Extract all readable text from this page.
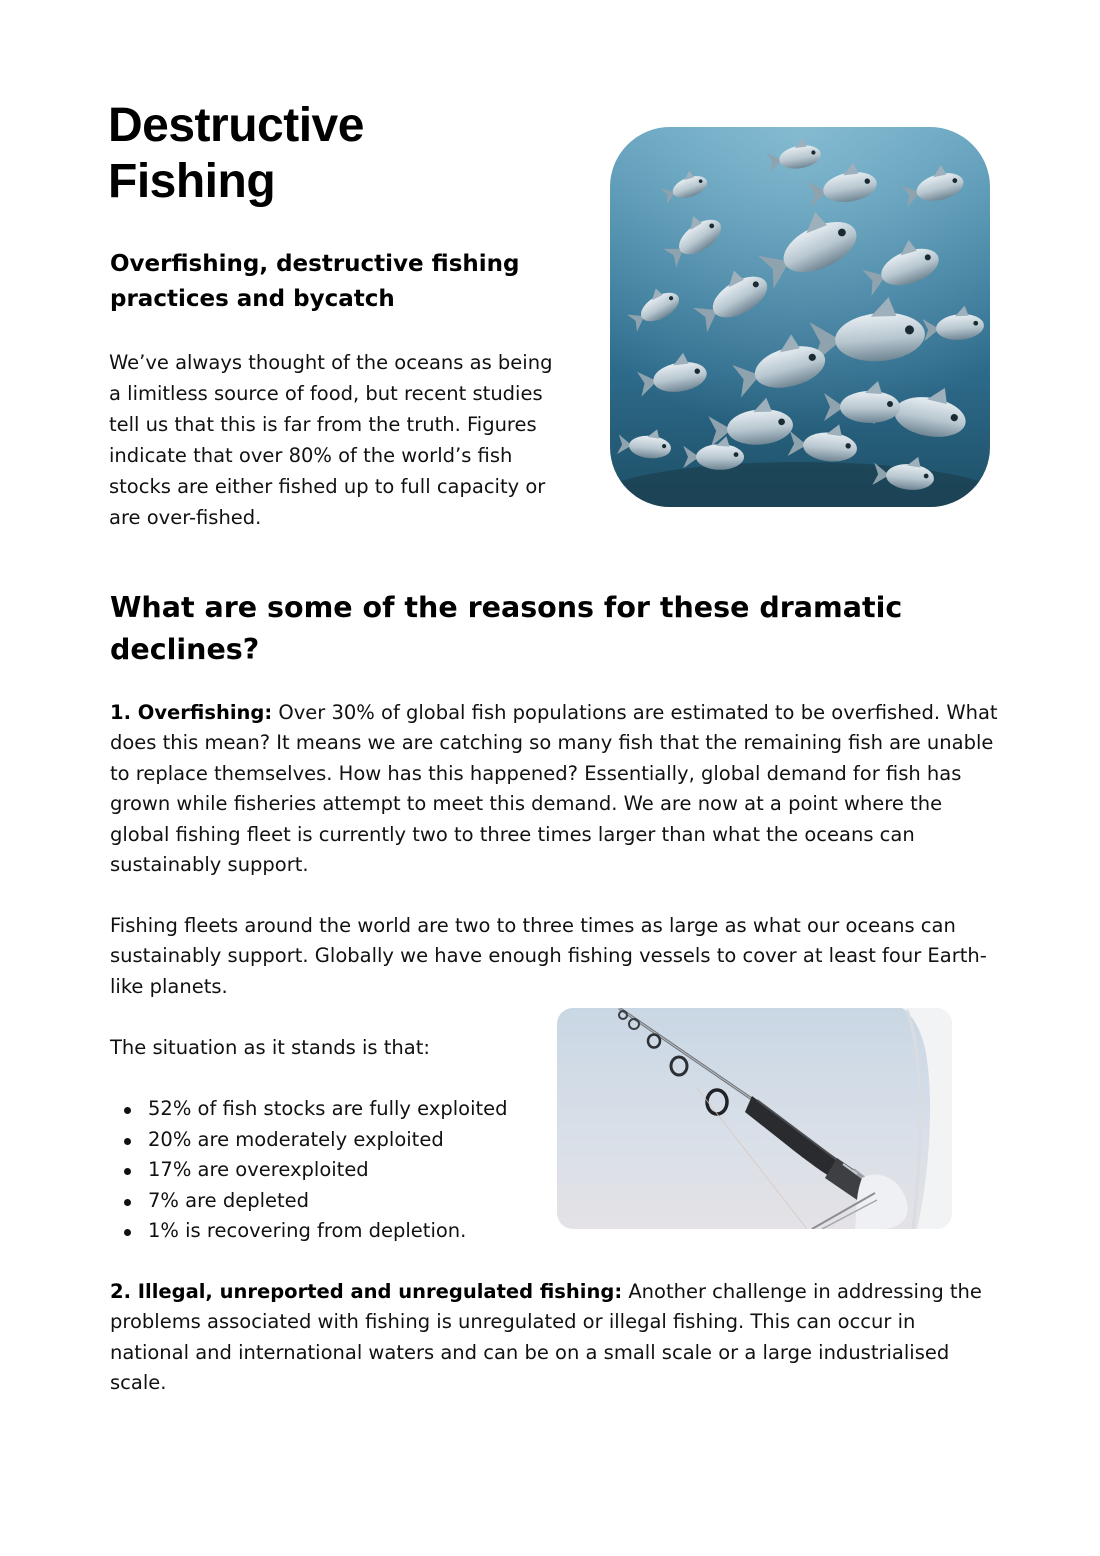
Destructive
Fishing
Overfishing, destructive fishing
practices and bycatch

We’ve always thought of the oceans as being a limitless source of food, but recent studies tell us that this is far from the truth. Figures indicate that over 80% of the world’s fish stocks are either fished up to full capacity or are over-fished.

What are some of the reasons for these dramatic declines?

1. Overfishing: Over 30% of global fish populations are estimated to be overfished. What does this mean? It means we are catching so many fish that the remaining fish are unable to replace themselves. How has this happened? Essentially, global demand for fish has grown while fisheries attempt to meet this demand. We are now at a point where the global fishing fleet is currently two to three times larger than what the oceans can sustainably support.

Fishing fleets around the world are two to three times as large as what our oceans can sustainably support. Globally we have enough fishing vessels to cover at least four Earth-like planets.

The situation as it stands is that:

52% of fish stocks are fully exploited
20% are moderately exploited
17% are overexploited
7% are depleted
1% is recovering from depletion.

2. Illegal, unreported and unregulated fishing: Another challenge in addressing the problems associated with fishing is unregulated or illegal fishing. This can occur in national and international waters and can be on a small scale or a large industrialised scale.
